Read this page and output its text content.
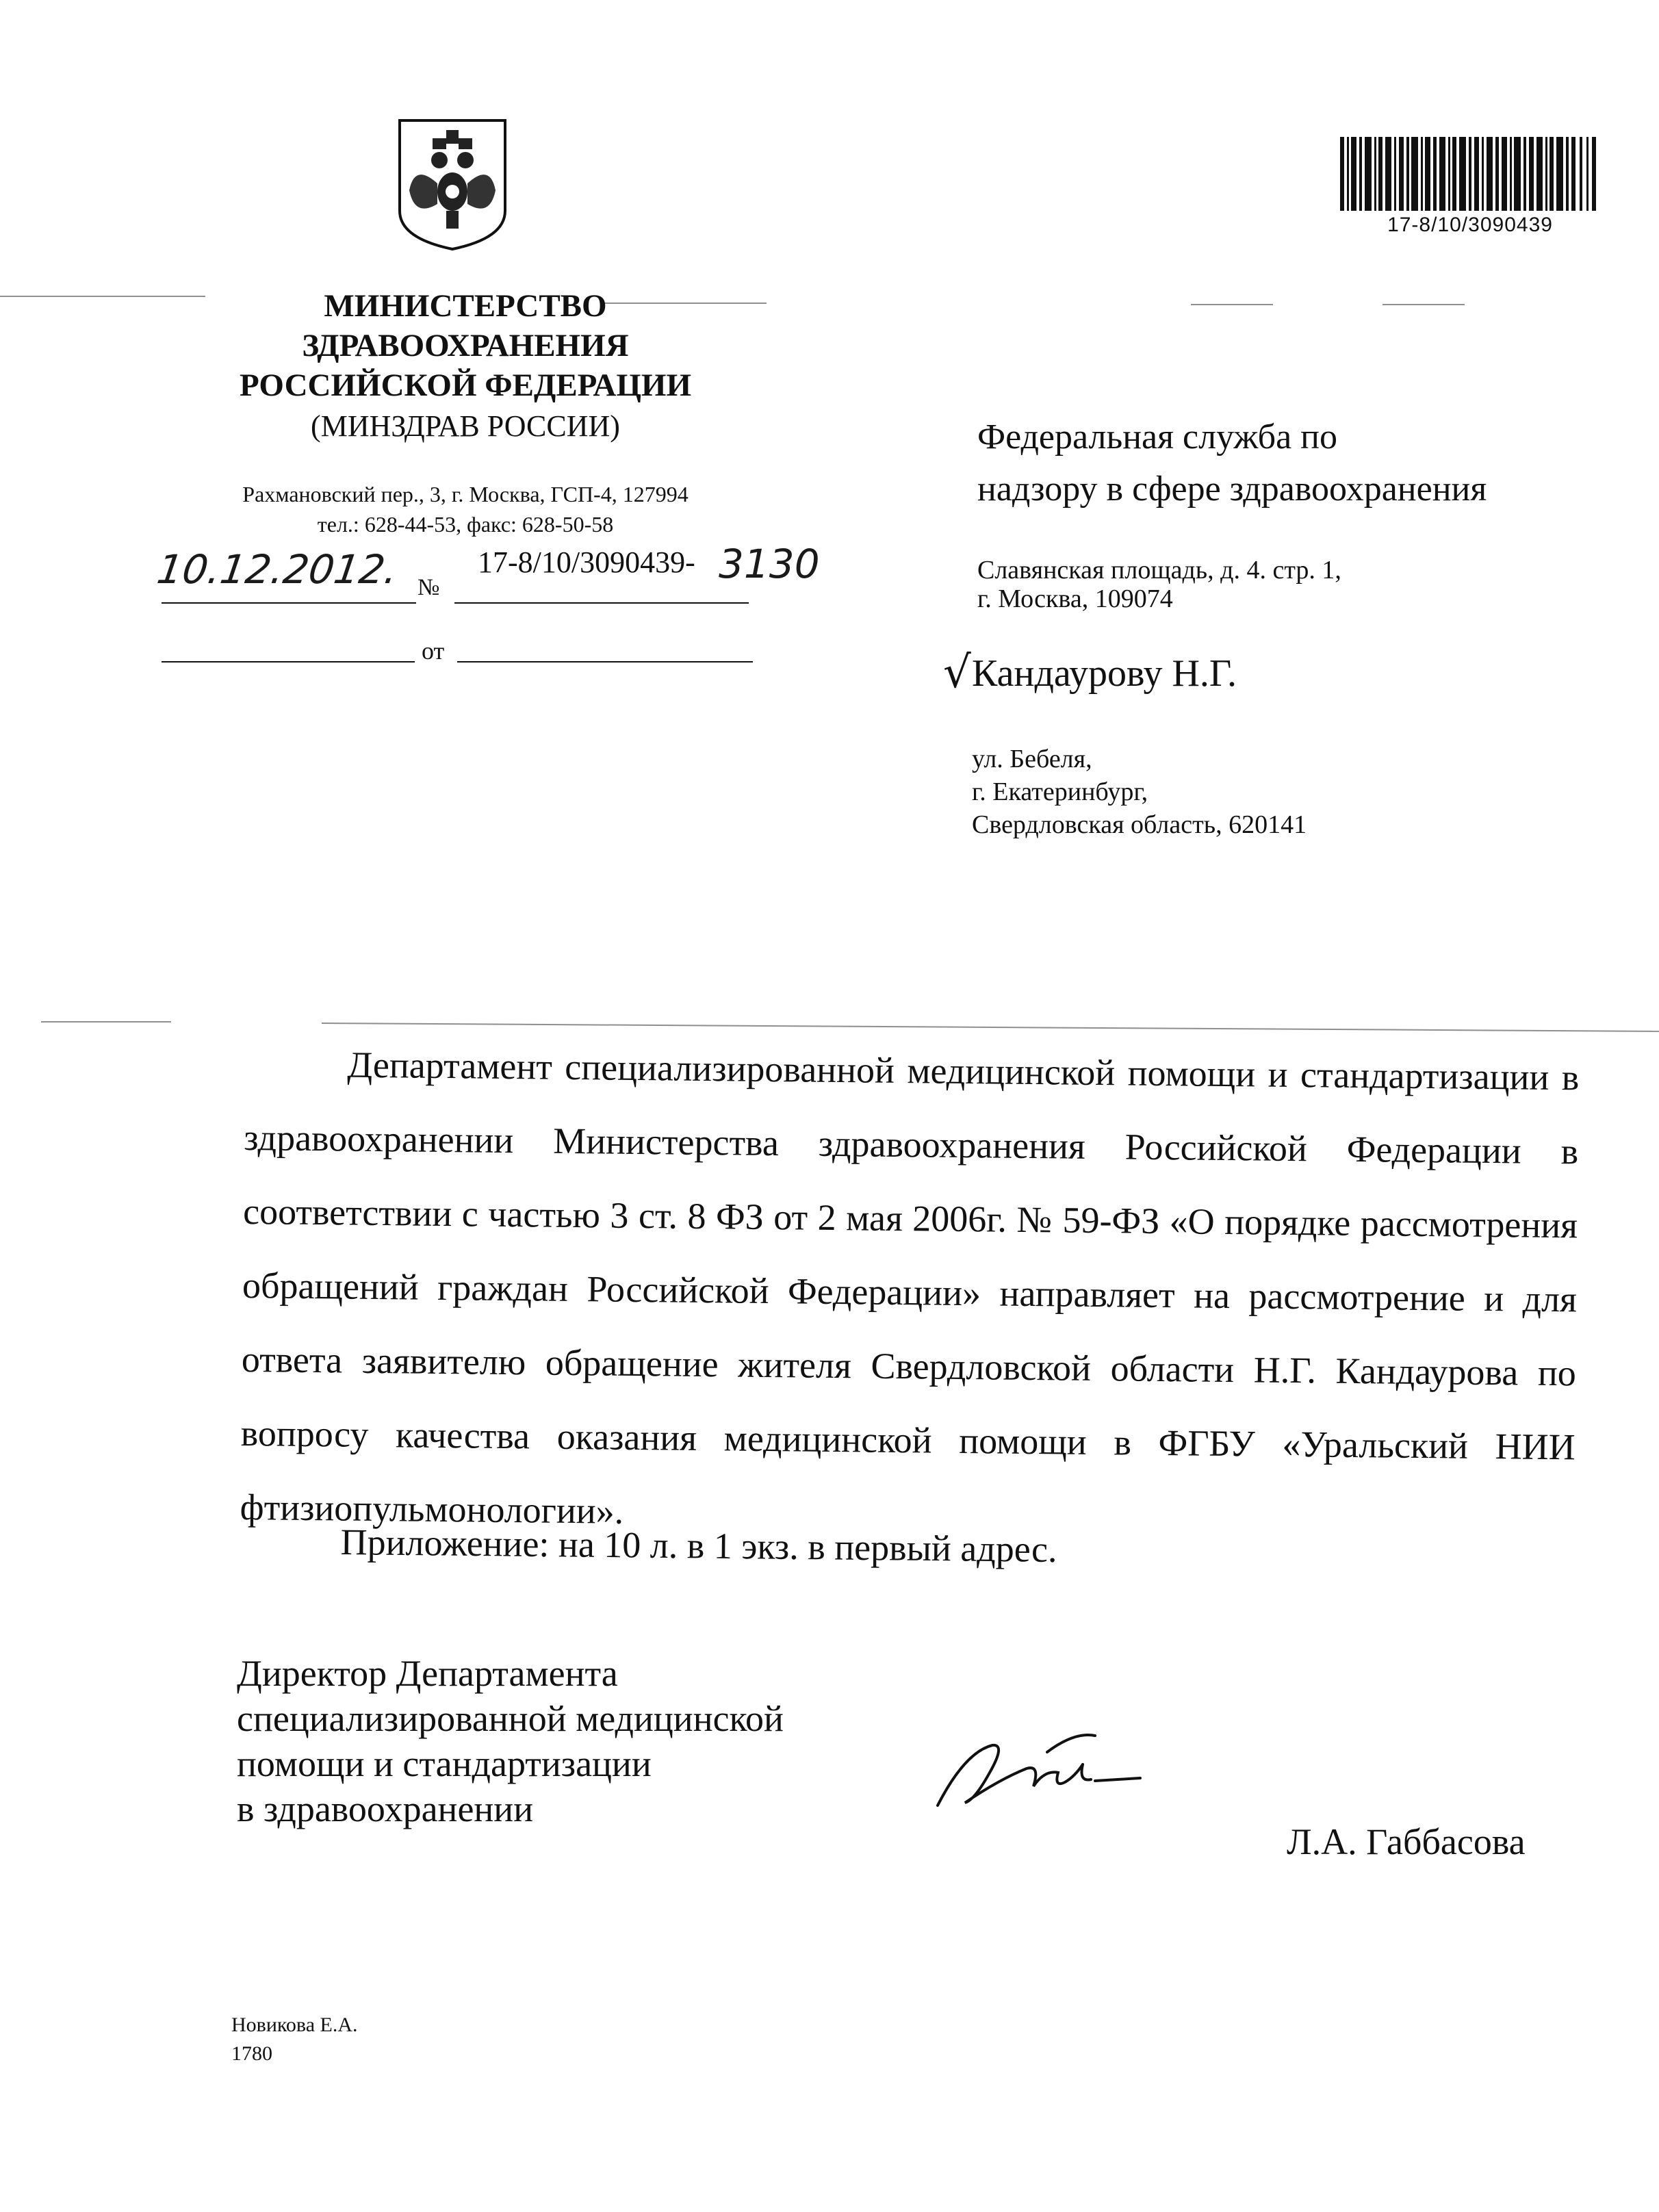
17-8/10/3090439
МИНИСТЕРСТВО
ЗДРАВООХРАНЕНИЯ
РОССИЙСКОЙ ФЕДЕРАЦИИ
(МИНЗДРАВ РОССИИ)
Рахмановский пер., 3, г. Москва, ГСП-4, 127994
тел.: 628-44-53, факс: 628-50-58
10.12.2012. №
17-8/10/3090439- 3130
от
Федеральная служба по
надзору в сфере здравоохранения
Славянская площадь, д. 4. стр. 1,
г. Москва, 109074
√ Кандаурову Н.Г.
ул. Бебеля,
г. Екатеринбург,
Свердловская область, 620141
Департамент специализированной медицинской помощи и стандартизации в здравоохранении Министерства здравоохранения Российской Федерации в соответствии с частью 3 ст. 8 ФЗ от 2 мая 2006г. № 59-ФЗ «О порядке рассмотрения обращений граждан Российской Федерации» направляет на рассмотрение и для ответа заявителю обращение жителя Свердловской области Н.Г. Кандаурова по вопросу качества оказания медицинской помощи в ФГБУ «Уральский НИИ фтизиопульмонологии».
Приложение: на 10 л. в 1 экз. в первый адрес.
Директор Департамента
специализированной медицинской
помощи и стандартизации
в здравоохранении
Л.А. Габбасова
Новикова Е.А.
1780
